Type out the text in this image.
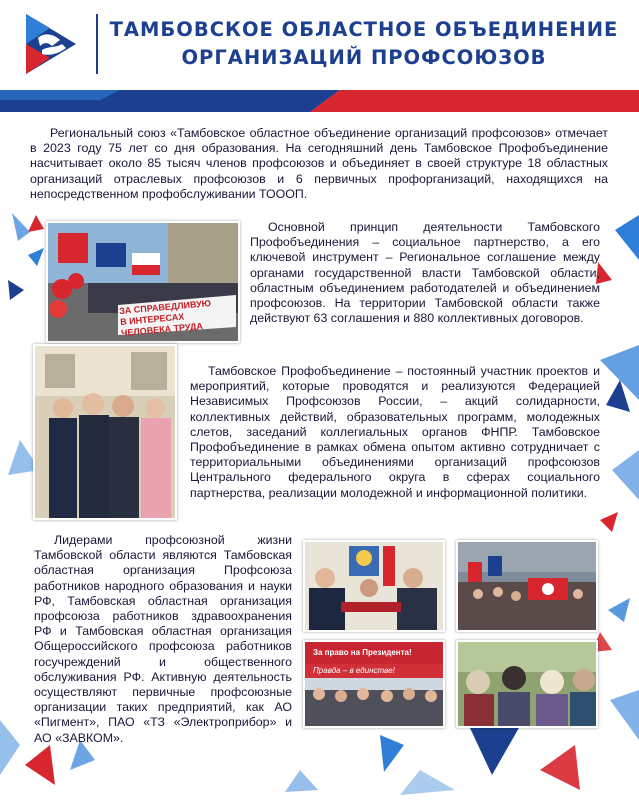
ТАМБОВСКОЕ ОБЛАСТНОЕ ОБЪЕДИНЕНИЕ
ОРГАНИЗАЦИЙ ПРОФСОЮЗОВ

Региональный союз «Тамбовское областное объединение организаций профсоюзов» отмечает в 2023 году 75 лет со дня образования. На сегодняшний день Тамбовское Профобъединение насчитывает около 85 тысяч членов профсоюзов и объединяет в своей структуре 18 областных организаций отраслевых профсоюзов и 6 первичных профорганизаций, находящихся на непосредственном профобслуживании ТОООП.

ЗА СПРАВЕДЛИВУЮ
В ИНТЕРЕСАХ ЧЕЛОВЕКА ТРУДА

Основной принцип деятельности Тамбовского Профобъединения – социальное партнерство, а его ключевой инструмент – Региональное соглашение между органами государственной власти Тамбовской области, областным объединением работодателей и объединением профсоюзов. На территории Тамбовской области также действуют 63 соглашения и 880 коллективных договоров.

Тамбовское Профобъединение – постоянный участник проектов и мероприятий, которые проводятся и реализуются Федерацией Независимых Профсоюзов России, – акций солидарности, коллективных действий, образовательных программ, молодежных слетов, заседаний коллегиальных органов ФНПР. Тамбовское Профобъединение в рамках обмена опытом активно сотрудничает с территориальными объединениями организаций профсоюзов Центрального федерального округа в сферах социального партнерства, реализации молодежной и информационной политики.

Лидерами профсоюзной жизни Тамбовской области являются Тамбовская областная организация Профсоюза работников народного образования и науки РФ, Тамбовская областная организация профсоюза работников здравоохранения РФ и Тамбовская областная организация Общероссийского профсоюза работников госучреждений и общественного обслуживания РФ. Активную деятельность осуществляют первичные профсоюзные организации таких предприятий, как АО «Пигмент», ПАО «ТЗ «Электроприбор» и АО «ЗАВКОМ».

За право на Президента!
Правда – в единстве!
